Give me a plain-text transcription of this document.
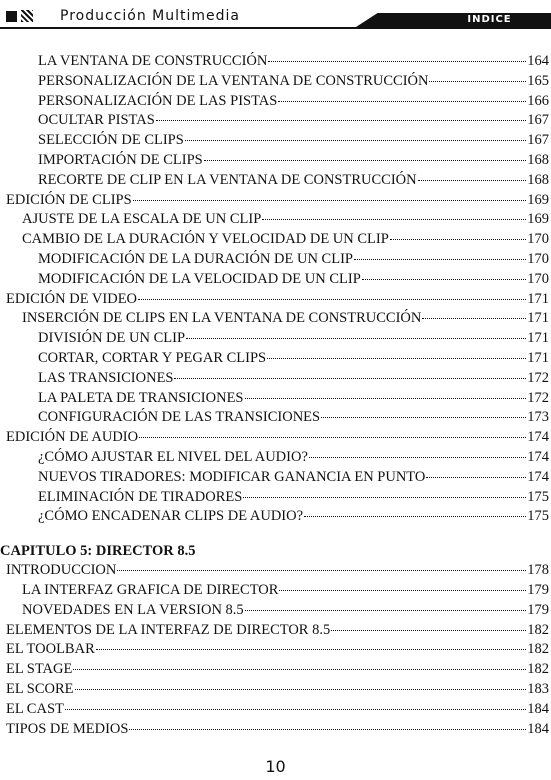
Producción Multimedia	INDICE
LA VENTANA DE CONSTRUCCIÓN	164
PERSONALIZACIÓN DE LA VENTANA DE CONSTRUCCIÓN	165
PERSONALIZACIÓN DE LAS PISTAS	166
OCULTAR PISTAS	167
SELECCIÓN DE CLIPS	167
IMPORTACIÓN DE CLIPS	168
RECORTE DE CLIP EN LA VENTANA DE CONSTRUCCIÓN	168
EDICIÓN DE CLIPS	169
AJUSTE DE LA ESCALA DE UN CLIP	169
CAMBIO DE LA DURACIÓN Y VELOCIDAD DE UN CLIP	170
MODIFICACIÓN DE LA DURACIÓN DE UN CLIP	170
MODIFICACIÓN DE LA VELOCIDAD DE UN CLIP	170
EDICIÓN DE VIDEO	171
INSERCIÓN DE CLIPS EN LA VENTANA DE CONSTRUCCIÓN	171
DIVISIÓN DE UN CLIP	171
CORTAR, CORTAR Y PEGAR CLIPS	171
LAS TRANSICIONES	172
LA PALETA DE TRANSICIONES	172
CONFIGURACIÓN DE LAS TRANSICIONES	173
EDICIÓN DE AUDIO	174
¿CÓMO AJUSTAR EL NIVEL DEL AUDIO?	174
NUEVOS TIRADORES: MODIFICAR GANANCIA EN PUNTO	174
ELIMINACIÓN DE TIRADORES	175
¿CÓMO ENCADENAR CLIPS DE AUDIO?	175
CAPITULO 5: DIRECTOR 8.5
INTRODUCCION	178
LA INTERFAZ GRAFICA DE DIRECTOR	179
NOVEDADES EN LA VERSION 8.5	179
ELEMENTOS DE LA INTERFAZ DE DIRECTOR 8.5	182
EL TOOLBAR	182
EL STAGE	182
EL SCORE	183
EL CAST	184
TIPOS DE MEDIOS	184
10
